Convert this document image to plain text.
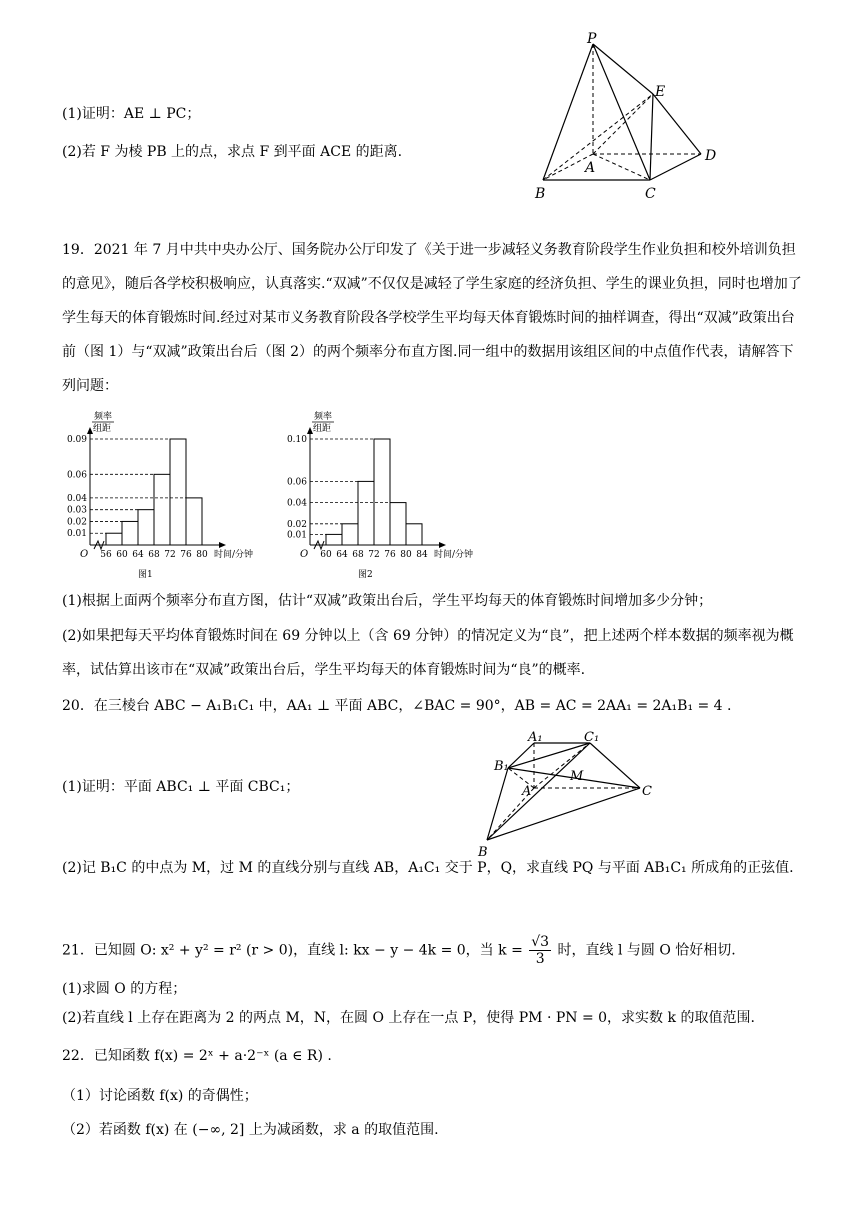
(1)证明：AE ⊥ PC；
(2)若 F 为棱 PB 上的点，求点 F 到平面 ACE 的距离.
P
E
A
D
B	C
19．2021 年 7 月中共中央办公厅、国务院办公厅印发了《关于进一步减轻义务教育阶段学生作业负担和校外培训负担的意见》，随后各学校积极响应，认真落实.“双减”不仅仅是减轻了学生家庭的经济负担、学生的课业负担，同时也增加了学生每天的体育锻炼时间.经过对某市义务教育阶段各学校学生平均每天体育锻炼时间的抽样调查，得出“双减”政策出台前（图 1）与“双减”政策出台后（图 2）的两个频率分布直方图.同一组中的数据用该组区间的中点值作代表，请解答下列问题：
频率
组距
0.01
0.02
0.03
0.04
0.06
0.09
56 60 64 68 72 76 80
O	时间/分钟
图1
频率
组距
0.01
0.02
0.04
0.06
0.10
60 64 68 72 76 80 84
O	时间/分钟
图2
(1)根据上面两个频率分布直方图，估计“双减”政策出台后，学生平均每天的体育锻炼时间增加多少分钟；
(2)如果把每天平均体育锻炼时间在 69 分钟以上（含 69 分钟）的情况定义为“良”，把上述两个样本数据的频率视为概率，试估算出该市在“双减”政策出台后，学生平均每天的体育锻炼时间为“良”的概率.
20．在三棱台 ABC − A₁B₁C₁ 中，AA₁ ⊥ 平面 ABC，∠BAC = 90°，AB = AC = 2AA₁ = 2A₁B₁ = 4 .
(1)证明：平面 ABC₁ ⊥ 平面 CBC₁；
A₁	C₁
B₁
M
A	C
B
(2)记 B₁C 的中点为 M，过 M 的直线分别与直线 AB，A₁C₁ 交于 P，Q，求直线 PQ 与平面 AB₁C₁ 所成角的正弦值.
21．已知圆 O: x² + y² = r² (r > 0)，直线 l: kx − y − 4k = 0，当 $k = \frac{√3}{3}$ 时，直线 l 与圆 O 恰好相切.
(1)求圆 O 的方程；
(2)若直线 l 上存在距离为 2 的两点 M，N，在圆 O 上存在一点 P，使得 PM · PN = 0，求实数 k 的取值范围.
22．已知函数 f(x) = 2ˣ + a·2⁻ˣ (a ∈ R) .
（1）讨论函数 f(x) 的奇偶性；
（2）若函数 f(x) 在 (−∞, 2] 上为减函数，求 a 的取值范围.
